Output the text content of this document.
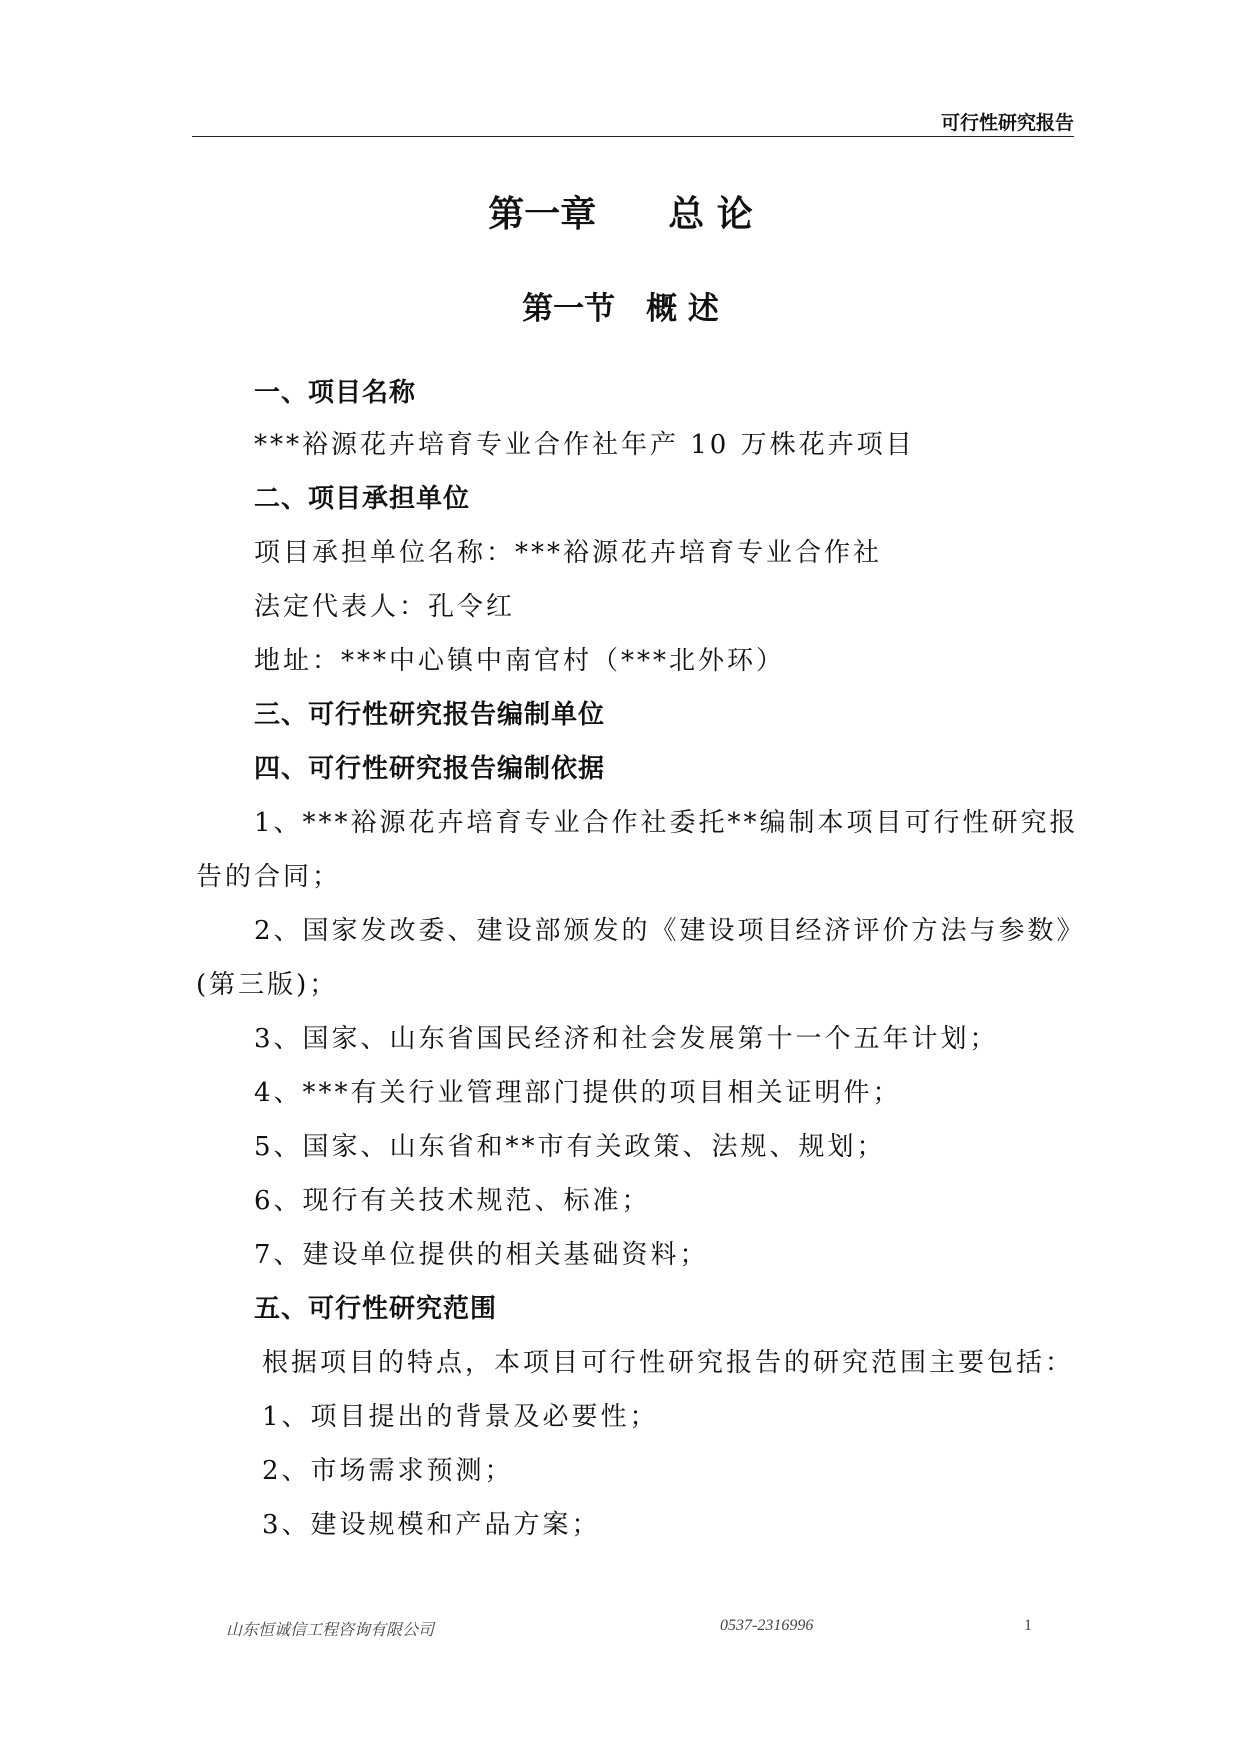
可行性研究报告
第一章　　总 论
第一节　概 述
一、项目名称
***裕源花卉培育专业合作社年产 10 万株花卉项目
二、项目承担单位
项目承担单位名称：***裕源花卉培育专业合作社
法定代表人：孔令红
地址：***中心镇中南官村（***北外环）
三、可行性研究报告编制单位
四、可行性研究报告编制依据
1、***裕源花卉培育专业合作社委托**编制本项目可行性研究报
告的合同；
2、国家发改委、建设部颁发的《建设项目经济评价方法与参数》
(第三版)；
3、国家、山东省国民经济和社会发展第十一个五年计划；
4、***有关行业管理部门提供的项目相关证明件；
5、国家、山东省和**市有关政策、法规、规划；
6、现行有关技术规范、标准；
7、建设单位提供的相关基础资料；
五、可行性研究范围
根据项目的特点，本项目可行性研究报告的研究范围主要包括：
1、项目提出的背景及必要性；
2、市场需求预测；
3、建设规模和产品方案；
山东恒诚信工程咨询有限公司	0537-2316996	1
